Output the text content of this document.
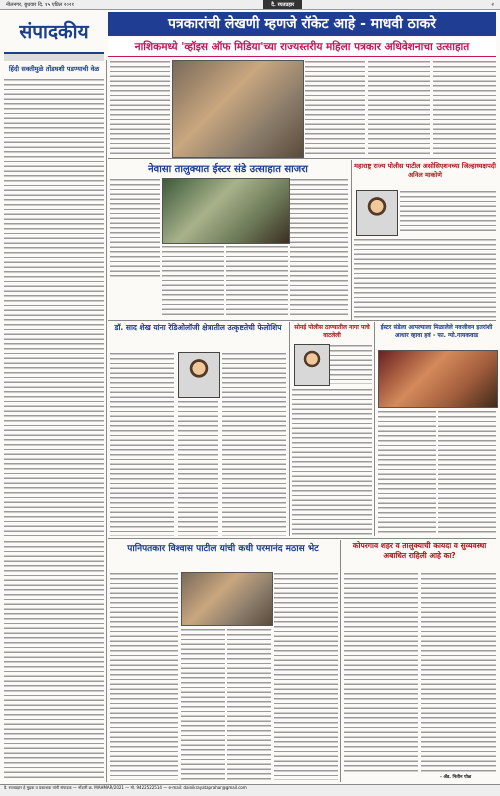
नीलनगर, बुधवार दि. १५ एप्रिल २०२१	दै. रयतप्रहार	२
संपादकीय	पत्रकारांची लेखणी म्हणजे रॉकेट आहे - माधवी ठाकरे
नाशिकमध्ये 'व्हॉइस ऑफ मिडिया'च्या राज्यस्तरीय महिला पत्रकार अधिवेशनाचा उत्साहात
हिंदी सक्तीमुळे तोंडघशी पडण्याची वेळ
नेवासा तालुक्यात ईस्टर संडे उत्साहात साजरा	महाराष्ट्र राज्य पोलीस पाटील असोसिएशनच्या जिल्हाध्यक्षपदी अनिल माकोणे
डॉ. साद शेख यांना रेडिओलॉजी क्षेत्रातील उत्कृष्टतेची फेलोशिप	सोनई पोलीस ठाण्यातील नागा पाचे वाटलेली
ईस्टर संडेला आपल्याला मिळालेले नवजीवन इतरांशी आधार व्हावा हवं - फा. ग्यो.गायकवाड
पानिपतकार विश्वास पाटील यांची कधी परमानंद मठास भेट	कोपरगाव शहर व तालुक्याची कायदा व सुव्यवस्था अबाधित राहिली आहे का?
- ॲड. नितीन पोळ
दै. रयतप्रहार हे मुद्रक व प्रकाशक यांनी संपादक — नोंदणी क्र. MAHMAR/2021 — मो. 9422522514 — e-mail: dainikrayataprahar@gmail.com
